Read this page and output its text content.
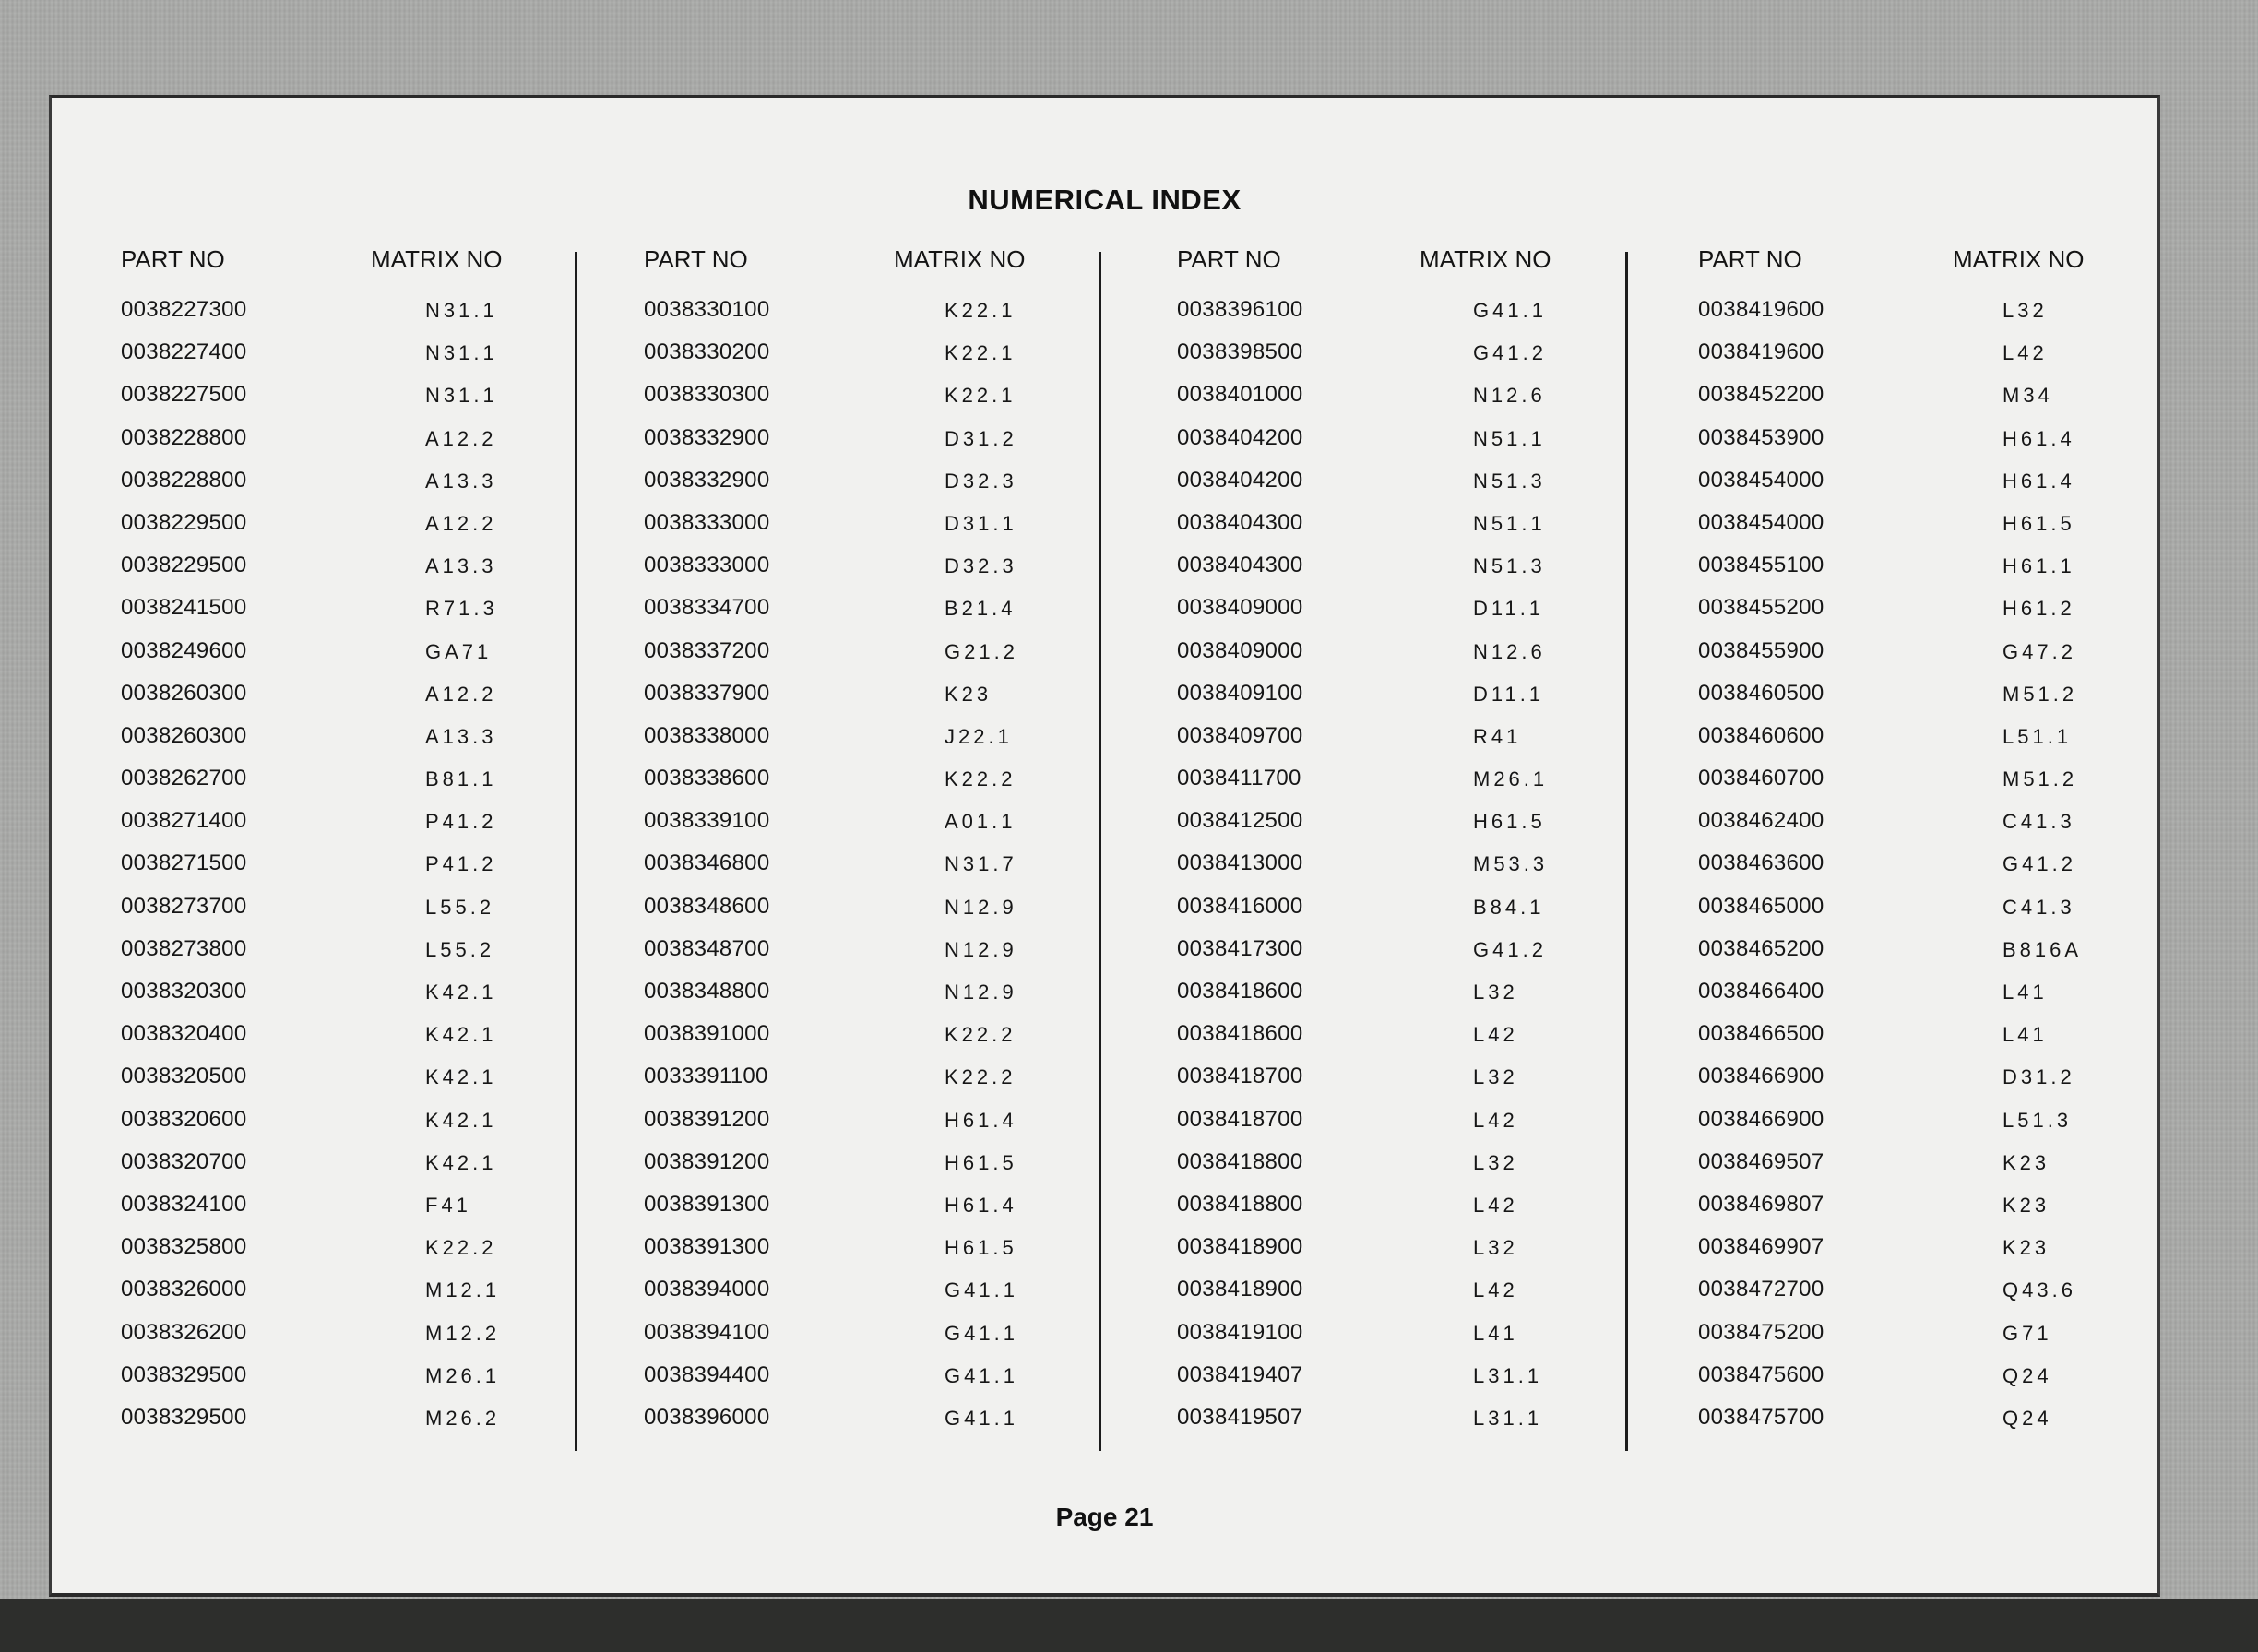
NUMERICAL INDEX
PART NO	MATRIX NO
0038227300	N31.1
0038227400	N31.1
0038227500	N31.1
0038228800	A12.2
0038228800	A13.3
0038229500	A12.2
0038229500	A13.3
0038241500	R71.3
0038249600	GA71
0038260300	A12.2
0038260300	A13.3
0038262700	B81.1
0038271400	P41.2
0038271500	P41.2
0038273700	L55.2
0038273800	L55.2
0038320300	K42.1
0038320400	K42.1
0038320500	K42.1
0038320600	K42.1
0038320700	K42.1
0038324100	F41
0038325800	K22.2
0038326000	M12.1
0038326200	M12.2
0038329500	M26.1
0038329500	M26.2
PART NO	MATRIX NO
0038330100	K22.1
0038330200	K22.1
0038330300	K22.1
0038332900	D31.2
0038332900	D32.3
0038333000	D31.1
0038333000	D32.3
0038334700	B21.4
0038337200	G21.2
0038337900	K23
0038338000	J22.1
0038338600	K22.2
0038339100	A01.1
0038346800	N31.7
0038348600	N12.9
0038348700	N12.9
0038348800	N12.9
0038391000	K22.2
0033391100	K22.2
0038391200	H61.4
0038391200	H61.5
0038391300	H61.4
0038391300	H61.5
0038394000	G41.1
0038394100	G41.1
0038394400	G41.1
0038396000	G41.1
PART NO	MATRIX NO
0038396100	G41.1
0038398500	G41.2
0038401000	N12.6
0038404200	N51.1
0038404200	N51.3
0038404300	N51.1
0038404300	N51.3
0038409000	D11.1
0038409000	N12.6
0038409100	D11.1
0038409700	R41
0038411700	M26.1
0038412500	H61.5
0038413000	M53.3
0038416000	B84.1
0038417300	G41.2
0038418600	L32
0038418600	L42
0038418700	L32
0038418700	L42
0038418800	L32
0038418800	L42
0038418900	L32
0038418900	L42
0038419100	L41
0038419407	L31.1
0038419507	L31.1
PART NO	MATRIX NO
0038419600	L32
0038419600	L42
0038452200	M34
0038453900	H61.4
0038454000	H61.4
0038454000	H61.5
0038455100	H61.1
0038455200	H61.2
0038455900	G47.2
0038460500	M51.2
0038460600	L51.1
0038460700	M51.2
0038462400	C41.3
0038463600	G41.2
0038465000	C41.3
0038465200	B816A
0038466400	L41
0038466500	L41
0038466900	D31.2
0038466900	L51.3
0038469507	K23
0038469807	K23
0038469907	K23
0038472700	Q43.6
0038475200	G71
0038475600	Q24
0038475700	Q24
Page 21
